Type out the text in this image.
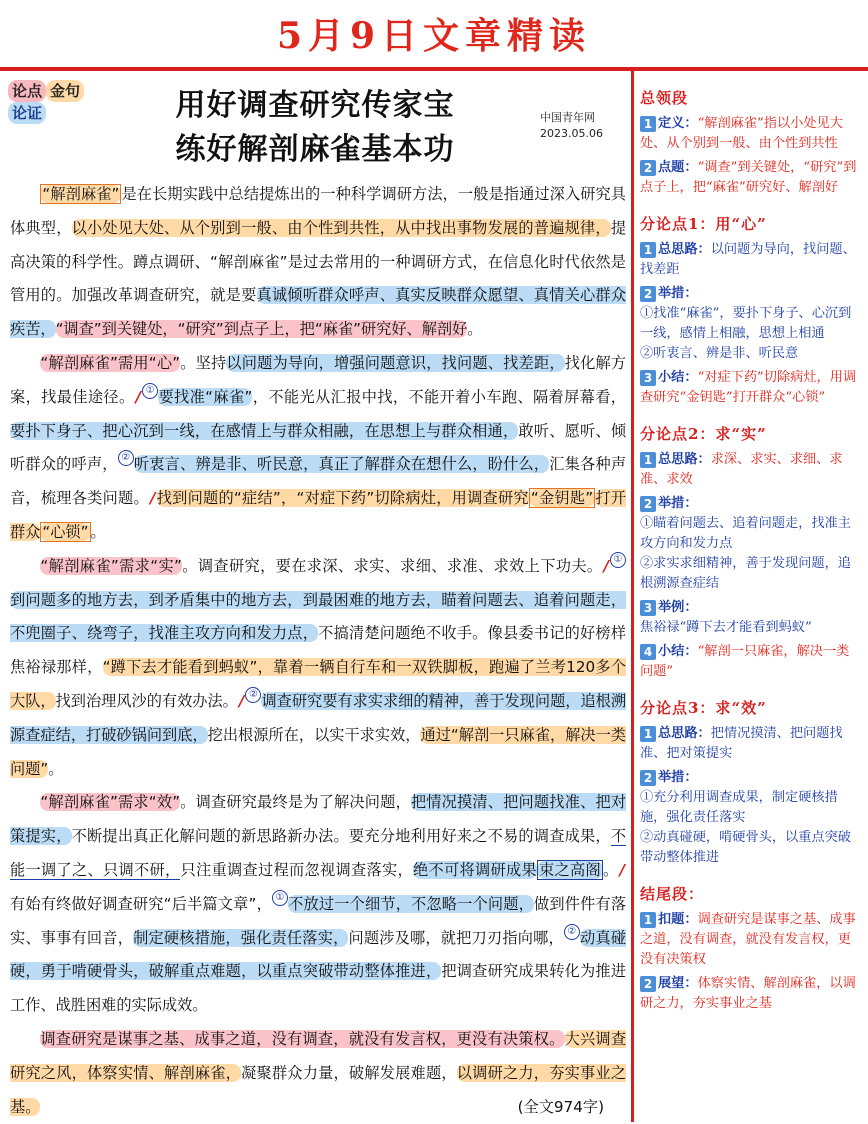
5月9日文章精读
论点 金句
论证	用好调查研究传家宝
练好解剖麻雀基本功
中国青年网
2023.05.06

“解剖麻雀” 是在长期实践中总结提炼出的一种科学调研方法，一般是指通过深入研究具体典型，以小处见大处、从个别到一般、由个性到共性，从中找出事物发展的普遍规律，提高决策的科学性。蹲点调研、“解剖麻雀”是过去常用的一种调研方式，在信息化时代依然是管用的。加强改革调查研究，就是要真诚倾听群众呼声、真实反映群众愿望、真情关心群众疾苦，“调查”到关键处，“研究”到点子上，把“麻雀”研究好、解剖好。

“解剖麻雀”需用“心”。坚持以问题为导向，增强问题意识，找问题、找差距，找化解方案，找最佳途径。/ ① 要找准“麻雀”，不能光从汇报中找，不能开着小车跑、隔着屏幕看，要扑下身子、把心沉到一线，在感情上与群众相融，在思想上与群众相通，敢听、愿听、倾听群众的呼声， ② 听衷言、辨是非、听民意，真正了解群众在想什么，盼什么，汇集各种声音，梳理各类问题。/找到问题的“症结”，“对症下药”切除病灶，用调查研究 “金钥匙” 打开群众 “心锁” 。

“解剖麻雀”需求“实”。调查研究，要在求深、求实、求细、求准、求效上下功夫。/ ①到问题多的地方去，到矛盾集中的地方去，到最困难的地方去，瞄着问题去、追着问题走，不兜圈子、绕弯子，找准主攻方向和发力点，不搞清楚问题绝不收手。像县委书记的好榜样焦裕禄那样，“蹲下去才能看到蚂蚁”，靠着一辆自行车和一双铁脚板，跑遍了兰考120多个大队，找到治理风沙的有效办法。/ ② 调查研究要有求实求细的精神，善于发现问题，追根溯源查症结，打破砂锅问到底，挖出根源所在，以实干求实效，通过“解剖一只麻雀，解决一类问题”。

“解剖麻雀”需求“效”。调查研究最终是为了解决问题，把情况摸清、把问题找准、把对策提实，不断提出真正化解问题的新思路新办法。要充分地利用好来之不易的调查成果，不能一调了之、只调不研，只注重调查过程而忽视调查落实，绝不可将调研成果 束之高阁 。/有始有终做好调查研究“后半篇文章”， ① 不放过一个细节，不忽略一个问题，做到件件有落实、事事有回音，制定硬核措施，强化责任落实，问题涉及哪，就把刀刃指向哪， ② 动真碰硬，勇于啃硬骨头，破解重点难题，以重点突破带动整体推进，把调查研究成果转化为推进工作、战胜困难的实际成效。

调查研究是谋事之基、成事之道，没有调查，就没有发言权，更没有决策权。大兴调查研究之风，体察实情、解剖麻雀，凝聚群众力量，破解发展难题，以调研之力，夯实事业之基。	(全文974字)

总领段
1 定义：“解剖麻雀”指以小处见大处、从个别到一般、由个性到共性
2 点题：“调查”到关键处，“研究”到点子上，把“麻雀”研究好、解剖好
分论点1：用“心”
1 总思路：以问题为导向，找问题、找差距
2 举措：
①找准“麻雀”，要扑下身子、心沉到一线，感情上相融，思想上相通
②听衷言、辨是非、听民意
3 小结：“对症下药”切除病灶，用调查研究“金钥匙”打开群众“心锁”
分论点2：求“实”
1 总思路：求深、求实、求细、求准、求效
2 举措：
①瞄着问题去、追着问题走，找准主攻方向和发力点
②求实求细精神，善于发现问题，追根溯源查症结
3 举例：
焦裕禄“蹲下去才能看到蚂蚁”
4 小结：“解剖一只麻雀，解决一类问题”
分论点3：求“效”
1 总思路：把情况摸清、把问题找准、把对策提实
2 举措：
①充分利用调查成果，制定硬核措施，强化责任落实
②动真碰硬，啃硬骨头，以重点突破带动整体推进
结尾段：
1 扣题：调查研究是谋事之基、成事之道，没有调查，就没有发言权，更没有决策权
2 展望：体察实情、解剖麻雀，以调研之力，夯实事业之基
